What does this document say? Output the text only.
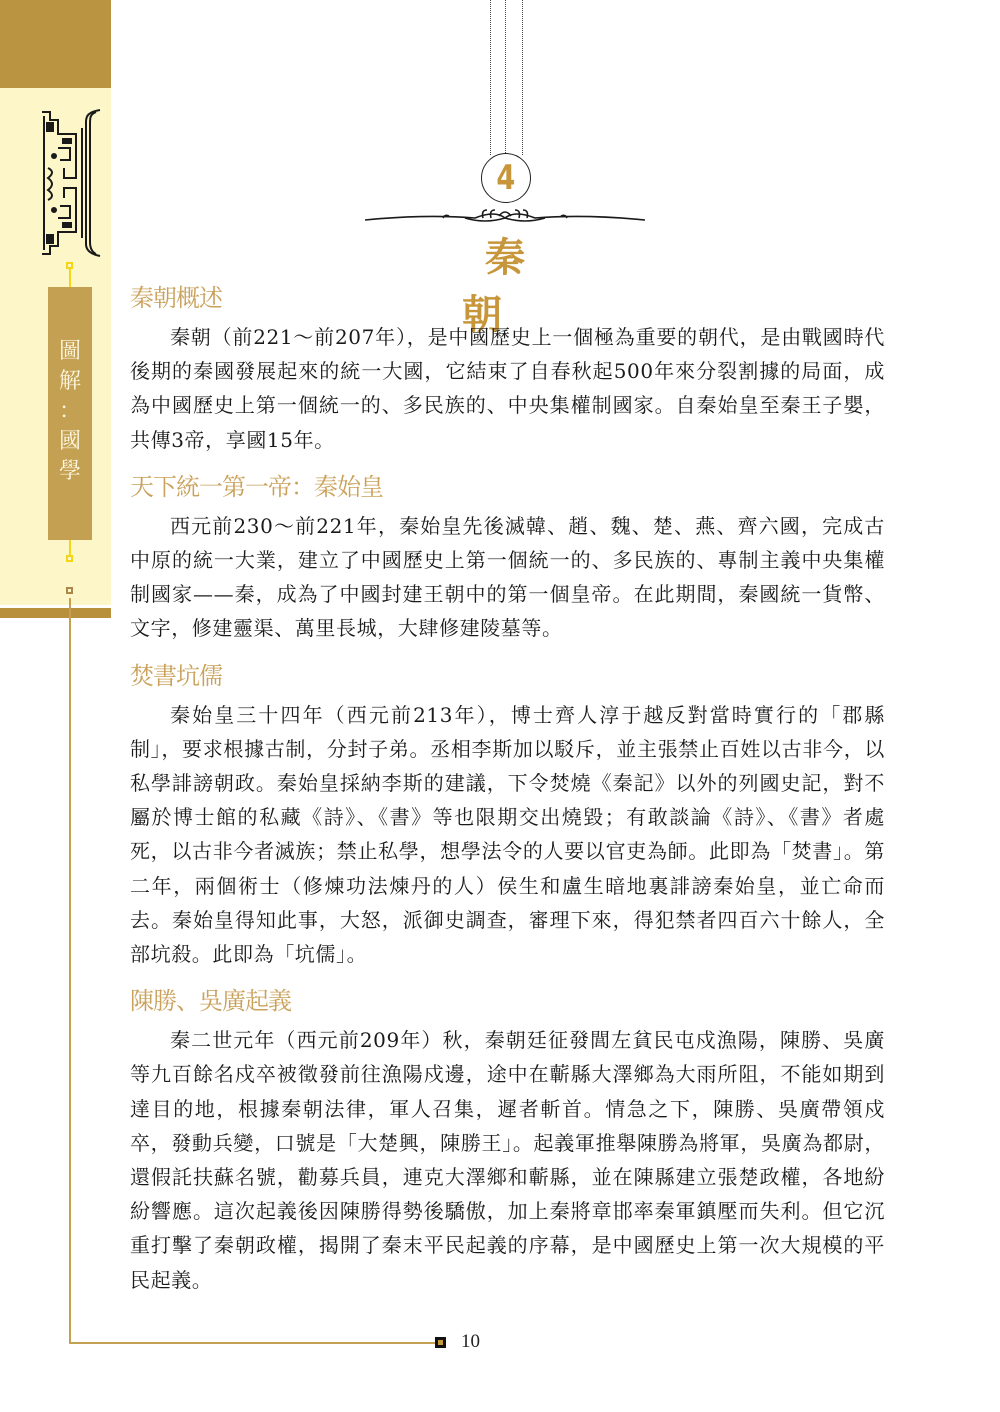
圖
解
：
國
學
10
4
秦朝
秦朝概述

秦朝（前221～前207年），是中國歷史上一個極為重要的朝代，是由戰國時代後期的秦國發展起來的統一大國，它結束了自春秋起500年來分裂割據的局面，成為中國歷史上第一個統一的、多民族的、中央集權制國家。自秦始皇至秦王子嬰，共傳3帝，享國15年。

天下統一第一帝：秦始皇

西元前230～前221年，秦始皇先後滅韓、趙、魏、楚、燕、齊六國，完成古中原的統一大業，建立了中國歷史上第一個統一的、多民族的、專制主義中央集權制國家——秦，成為了中國封建王朝中的第一個皇帝。在此期間，秦國統一貨幣、文字，修建靈渠、萬里長城，大肆修建陵墓等。

焚書坑儒

秦始皇三十四年（西元前213年），博士齊人淳于越反對當時實行的「郡縣制」，要求根據古制，分封子弟。丞相李斯加以駁斥，並主張禁止百姓以古非今，以私學誹謗朝政。秦始皇採納李斯的建議，下令焚燒《秦記》以外的列國史記，對不屬於博士館的私藏《詩》、《書》等也限期交出燒毀；有敢談論《詩》、《書》者處死，以古非今者滅族；禁止私學，想學法令的人要以官吏為師。此即為「焚書」。第二年，兩個術士（修煉功法煉丹的人）侯生和盧生暗地裏誹謗秦始皇，並亡命而去。秦始皇得知此事，大怒，派御史調查，審理下來，得犯禁者四百六十餘人，全部坑殺。此即為「坑儒」。

陳勝、吳廣起義

秦二世元年（西元前209年）秋，秦朝廷征發閭左貧民屯戍漁陽，陳勝、吳廣等九百餘名戍卒被徵發前往漁陽戍邊，途中在蘄縣大澤鄉為大雨所阻，不能如期到達目的地，根據秦朝法律，軍人召集，遲者斬首。情急之下，陳勝、吳廣帶領戍卒，發動兵變，口號是「大楚興，陳勝王」。起義軍推舉陳勝為將軍，吳廣為都尉，還假託扶蘇名號，勸募兵員，連克大澤鄉和蘄縣，並在陳縣建立張楚政權，各地紛紛響應。這次起義後因陳勝得勢後驕傲，加上秦將章邯率秦軍鎮壓而失利。但它沉重打擊了秦朝政權，揭開了秦末平民起義的序幕，是中國歷史上第一次大規模的平民起義。
